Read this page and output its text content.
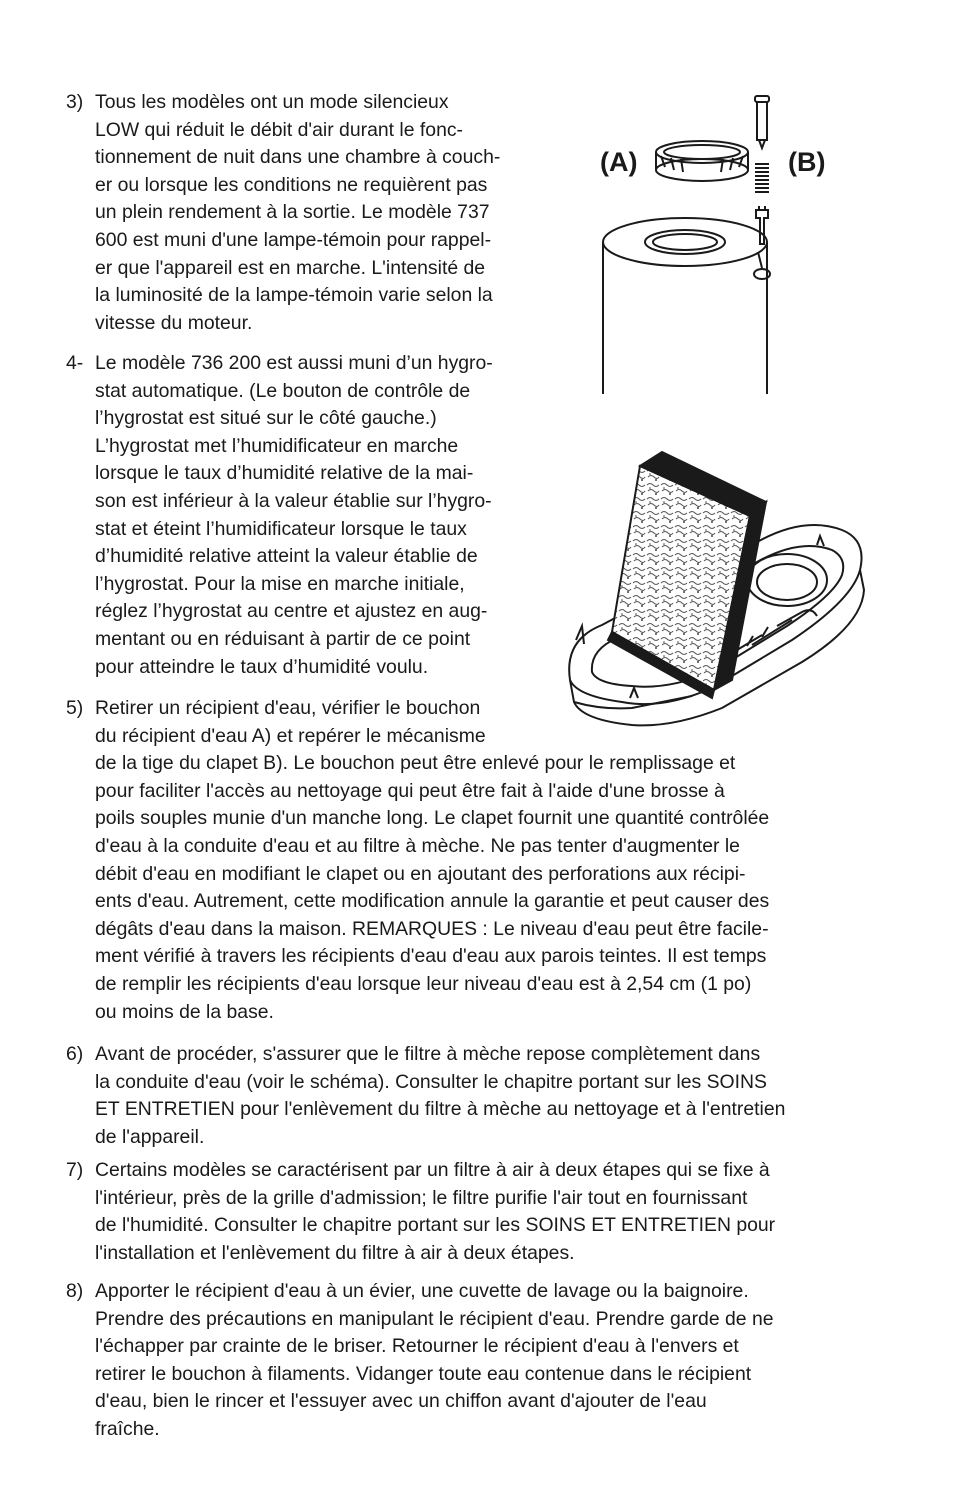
3) Tous les modèles ont un mode silencieux
LOW qui réduit le débit d'air durant le fonc-
tionnement de nuit dans une chambre à couch-
er ou lorsque les conditions ne requièrent pas
un plein rendement à la sortie. Le modèle 737
600 est muni d'une lampe-témoin pour rappel-
er que l'appareil est en marche. L'intensité de
la luminosité de la lampe-témoin varie selon la
vitesse du moteur.
4- Le modèle 736 200 est aussi muni d’un hygro-
stat automatique. (Le bouton de contrôle de
l’hygrostat est situé sur le côté gauche.)
L’hygrostat met l’humidificateur en marche
lorsque le taux d’humidité relative de la mai-
son est inférieur à la valeur établie sur l’hygro-
stat et éteint l’humidificateur lorsque le taux
d’humidité relative atteint la valeur établie de
l’hygrostat. Pour la mise en marche initiale,
réglez l’hygrostat au centre et ajustez en aug-
mentant ou en réduisant à partir de ce point
pour atteindre le taux d’humidité voulu.
5) Retirer un récipient d'eau, vérifier le bouchon
du récipient d'eau A) et repérer le mécanisme
de la tige du clapet B). Le bouchon peut être enlevé pour le remplissage et
pour faciliter l'accès au nettoyage qui peut être fait à l'aide d'une brosse à
poils souples munie d'un manche long. Le clapet fournit une quantité contrôlée
d'eau à la conduite d'eau et au filtre à mèche. Ne pas tenter d'augmenter le
débit d'eau en modifiant le clapet ou en ajoutant des perforations aux récipi-
ents d'eau. Autrement, cette modification annule la garantie et peut causer des
dégâts d'eau dans la maison. REMARQUES : Le niveau d'eau peut être facile-
ment vérifié à travers les récipients d'eau d'eau aux parois teintes. Il est temps
de remplir les récipients d'eau lorsque leur niveau d'eau est à 2,54 cm (1 po)
ou moins de la base.
6) Avant de procéder, s'assurer que le filtre à mèche repose complètement dans
la conduite d'eau (voir le schéma). Consulter le chapitre portant sur les SOINS
ET ENTRETIEN pour l'enlèvement du filtre à mèche au nettoyage et à l'entretien
de l'appareil.
7) Certains modèles se caractérisent par un filtre à air à deux étapes qui se fixe à
l'intérieur, près de la grille d'admission; le filtre purifie l'air tout en fournissant
de l'humidité. Consulter le chapitre portant sur les SOINS ET ENTRETIEN pour
l'installation et l'enlèvement du filtre à air à deux étapes.
8) Apporter le récipient d'eau à un évier, une cuvette de lavage ou la baignoire.
Prendre des précautions en manipulant le récipient d'eau. Prendre garde de ne
l'échapper par crainte de le briser. Retourner le récipient d'eau à l'envers et
retirer le bouchon à filaments. Vidanger toute eau contenue dans le récipient
d'eau, bien le rincer et l'essuyer avec un chiffon avant d'ajouter de l'eau
fraîche.
(A)	(B)
